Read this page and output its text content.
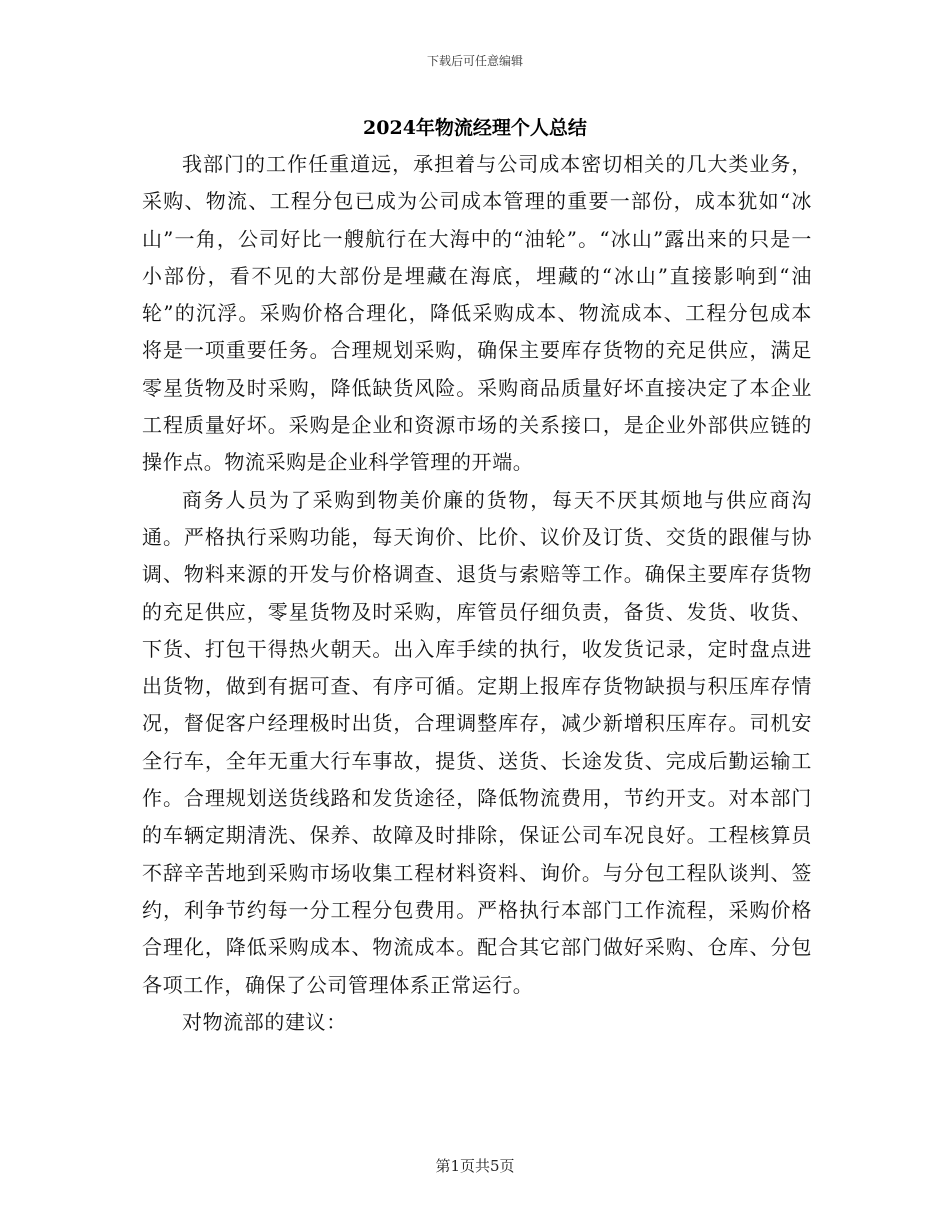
下载后可任意编辑
2024年物流经理个人总结

我部门的工作任重道远，承担着与公司成本密切相关的几大类业务，采购、物流、工程分包已成为公司成本管理的重要一部份，成本犹如“冰山”一角，公司好比一艘航行在大海中的“油轮”。“冰山”露出来的只是一小部份，看不见的大部份是埋藏在海底，埋藏的“冰山”直接影响到“油轮”的沉浮。采购价格合理化，降低采购成本、物流成本、工程分包成本将是一项重要任务。合理规划采购，确保主要库存货物的充足供应，满足零星货物及时采购，降低缺货风险。采购商品质量好坏直接决定了本企业工程质量好坏。采购是企业和资源市场的关系接口，是企业外部供应链的操作点。物流采购是企业科学管理的开端。

商务人员为了采购到物美价廉的货物，每天不厌其烦地与供应商沟通。严格执行采购功能，每天询价、比价、议价及订货、交货的跟催与协调、物料来源的开发与价格调查、退货与索赔等工作。确保主要库存货物的充足供应，零星货物及时采购，库管员仔细负责，备货、发货、收货、下货、打包干得热火朝天。出入库手续的执行，收发货记录，定时盘点进出货物，做到有据可查、有序可循。定期上报库存货物缺损与积压库存情况，督促客户经理极时出货，合理调整库存，减少新增积压库存。司机安全行车，全年无重大行车事故，提货、送货、长途发货、完成后勤运输工作。合理规划送货线路和发货途径，降低物流费用，节约开支。对本部门的车辆定期清洗、保养、故障及时排除，保证公司车况良好。工程核算员不辞辛苦地到采购市场收集工程材料资料、询价。与分包工程队谈判、签约，利争节约每一分工程分包费用。严格执行本部门工作流程，采购价格合理化，降低采购成本、物流成本。配合其它部门做好采购、仓库、分包各项工作，确保了公司管理体系正常运行。

对物流部的建议：

第1页共5页
